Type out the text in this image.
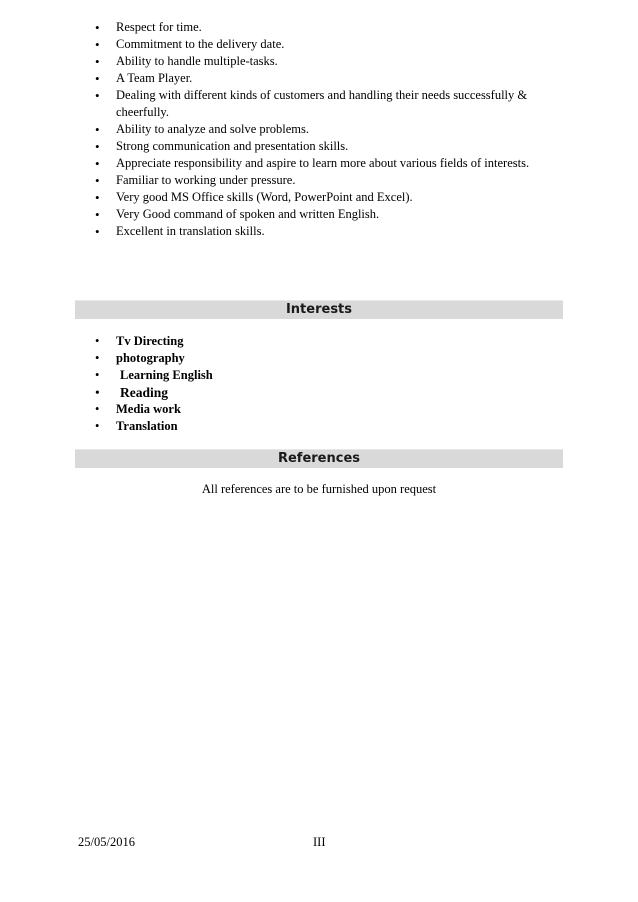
• Respect for time.
• Commitment to the delivery date.
• Ability to handle multiple-tasks.
• A Team Player.
• Dealing with different kinds of customers and handling their needs successfully & cheerfully.
• Ability to analyze and solve problems.
• Strong communication and presentation skills.
• Appreciate responsibility and aspire to learn more about various fields of interests.
• Familiar to working under pressure.
• Very good MS Office skills (Word, PowerPoint and Excel).
• Very Good command of spoken and written English.
• Excellent in translation skills.
Interests
• Tv Directing
• photography
• Learning English
• Reading
• Media work
• Translation
References
All references are to be furnished upon request
25/05/2016	III
